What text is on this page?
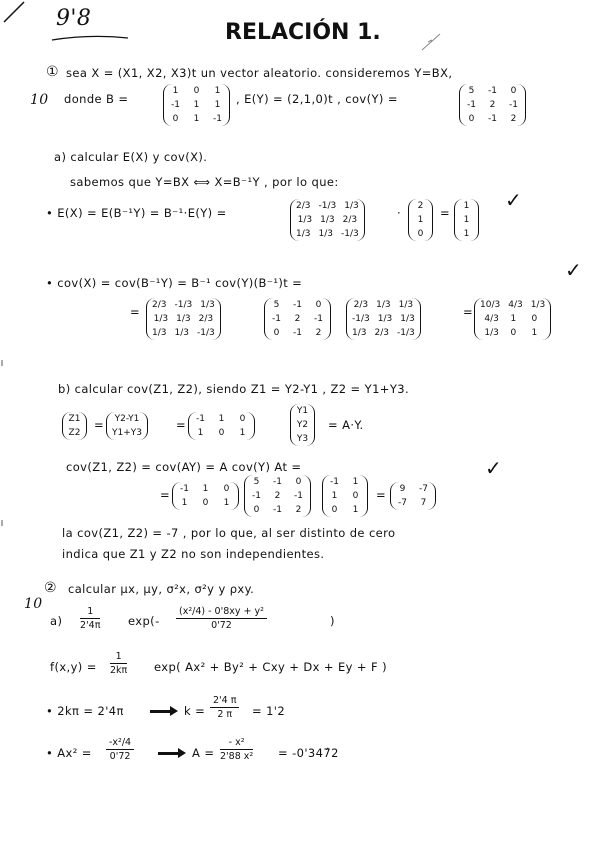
9'8
RELACIÓN 1.
① sea X = (X1, X2, X3)t un vector aleatorio. consideremos Y=BX,
10 donde B =
1	0	1
-1	1	1
0	1	-1
, E(Y) = (2,1,0)t , cov(Y) =
5	-1	0
-1	2	-1
0	-1	2
a) calcular E(X) y cov(X).
sabemos que Y=BX ⟺ X=B⁻¹Y , por lo que:
• E(X) = E(B⁻¹Y) = B⁻¹·E(Y) =	2/3 -1/3 1/3
1/3 1/3 2/3
1/3 1/3 -1/3
·	2
1
0
=	1
1
1
✓
• cov(X) = cov(B⁻¹Y) = B⁻¹ cov(Y)(B⁻¹)t =
✓
= 2/3 -1/3 1/3
1/3 1/3 2/3
1/3 1/3 -1/3
5	-1	0
-1	2	-1
0	-1	2
2/3 1/3 1/3
-1/3 1/3 1/3
1/3 2/3 -1/3
= 10/3 4/3 1/3
4/3	1	0
1/3	0	1
b) calcular cov(Z1, Z2), siendo Z1 = Y2-Y1 , Z2 = Y1+Y3.
Z1
Z2
= Y2-Y1
Y1+Y3
= -1	1	0
1	0	1
Y1
Y2
Y3
= A·Y.
cov(Z1, Z2) = cov(AY) = A cov(Y) At =	✓
= -1	1	0
1	0	1
5	-1	0
-1	2	-1
0	-1	2
-1	1
1	0
0	1
=	9	-7
-7	7
la cov(Z1, Z2) = -7 , por lo que, al ser distinto de cero
indica que Z1 y Z2 no son independientes.
10
② calcular μx, μy, σ²x, σ²y y ρxy.
$a) \frac{1}{2'4\pi} \exp(- \frac{\text{(x²/4) - 0'8xy + y²}}{0'72}$	)
$f(x,y) = \frac{1}{2k\pi} \exp$( Ax² + By² + Cxy + Dx + Ey + F )
• 2kπ = 2'4π	$k = \frac{2'4 \pi}{2 \pi} = 1'2$
• $Ax^2 = \frac{\text{-x²/4}}{0'72}$	$A = \frac{\text{- x²}}{\text{2'88 x²}}$ = -0'347̂2
